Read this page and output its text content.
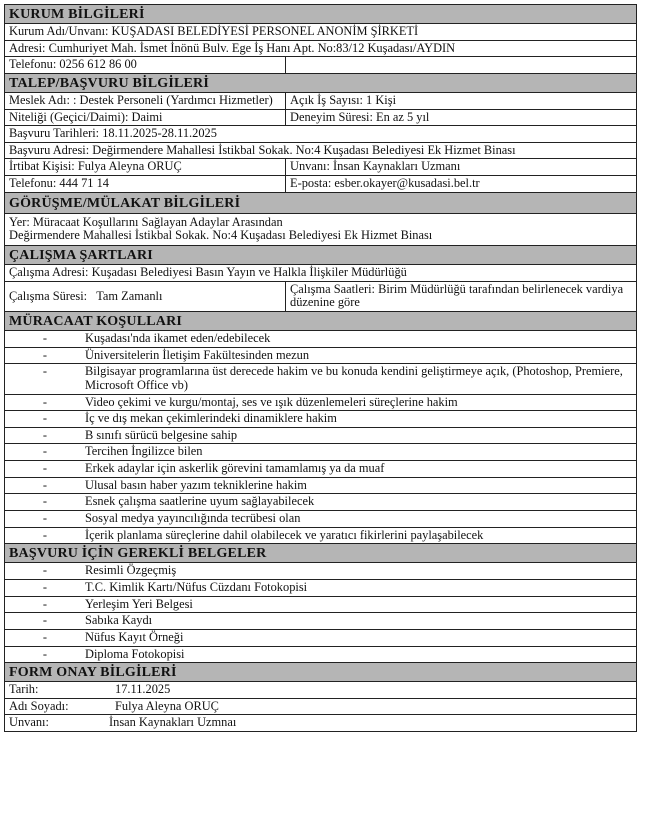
KURUM BİLGİLERİ
Kurum Adı/Unvanı: KUŞADASI BELEDİYESİ PERSONEL ANONİM ŞİRKETİ
Adresi: Cumhuriyet Mah. İsmet İnönü Bulv. Ege İş Hanı Apt. No:83/12 Kuşadası/AYDIN
Telefonu: 0256 612 86 00
TALEP/BAŞVURU BİLGİLERİ
Meslek Adı: : Destek Personeli (Yardımcı Hizmetler)	Açık İş Sayısı: 1 Kişi
Niteliği (Geçici/Daimi): Daimi	Deneyim Süresi: En az 5 yıl
Başvuru Tarihleri: 18.11.2025-28.11.2025
Başvuru Adresi: Değirmendere Mahallesi İstikbal Sokak. No:4 Kuşadası Belediyesi Ek Hizmet Binası
İrtibat Kişisi: Fulya Aleyna ORUÇ	Unvanı: İnsan Kaynakları Uzmanı
Telefonu: 444 71 14	E-posta: esber.okayer@kusadasi.bel.tr
GÖRÜŞME/MÜLAKAT BİLGİLERİ
Yer: Müracaat Koşullarını Sağlayan Adaylar Arasından
Değirmendere Mahallesi İstikbal Sokak. No:4 Kuşadası Belediyesi Ek Hizmet Binası
ÇALIŞMA ŞARTLARI
Çalışma Adresi: Kuşadası Belediyesi Basın Yayın ve Halkla İlişkiler Müdürlüğü
Çalışma Süresi:   Tam Zamanlı	Çalışma Saatleri: Birim Müdürlüğü tarafından belirlenecek vardiya düzenine göre
MÜRACAAT KOŞULLARI
-	Kuşadası'nda ikamet eden/edebilecek
-	Üniversitelerin İletişim Fakültesinden mezun
-	Bilgisayar programlarına üst derecede hakim ve bu konuda kendini geliştirmeye açık, (Photoshop, Premiere, Microsoft Office vb)
-	Video çekimi ve kurgu/montaj, ses ve ışık düzenlemeleri süreçlerine hakim
-	İç ve dış mekan çekimlerindeki dinamiklere hakim
-	B sınıfı sürücü belgesine sahip
-	Tercihen İngilizce bilen
-	Erkek adaylar için askerlik görevini tamamlamış ya da muaf
-	Ulusal basın haber yazım tekniklerine hakim
-	Esnek çalışma saatlerine uyum sağlayabilecek
-	Sosyal medya yayıncılığında tecrübesi olan
-	İçerik planlama süreçlerine dahil olabilecek ve yaratıcı fikirlerini paylaşabilecek
BAŞVURU İÇİN GEREKLİ BELGELER
-	Resimli Özgeçmiş
-	T.C. Kimlik Kartı/Nüfus Cüzdanı Fotokopisi
-	Yerleşim Yeri Belgesi
-	Sabıka Kaydı
-	Nüfus Kayıt Örneği
-	Diploma Fotokopisi
FORM ONAY BİLGİLERİ
Tarih:	17.11.2025
Adı Soyadı:	Fulya Aleyna ORUÇ
Unvanı:	İnsan Kaynakları Uzmnaı
